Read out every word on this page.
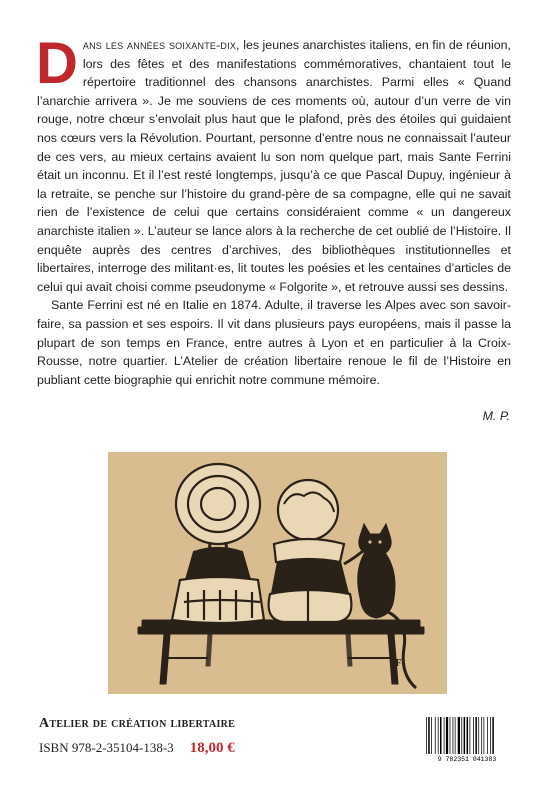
Dans les années soixante-dix, les jeunes anarchistes italiens, en fin de réunion, lors des fêtes et des manifestations commémoratives, chantaient tout le répertoire traditionnel des chansons anarchistes. Parmi elles « Quand l’anarchie arrivera ». Je me souviens de ces moments où, autour d’un verre de vin rouge, notre chœur s’envolait plus haut que le plafond, près des étoiles qui guidaient nos cœurs vers la Révolution. Pourtant, personne d’entre nous ne connaissait l’auteur de ces vers, au mieux certains avaient lu son nom quelque part, mais Sante Ferrini était un inconnu. Et il l’est resté longtemps, jusqu’à ce que Pascal Dupuy, ingénieur à la retraite, se penche sur l’histoire du grand-père de sa compagne, elle qui ne savait rien de l’existence de celui que certains considéraient comme « un dangereux anarchiste italien ». L’auteur se lance alors à la recherche de cet oublié de l’Histoire. Il enquête auprès des centres d’archives, des bibliothèques institutionnelles et libertaires, interroge des militant·es, lit toutes les poésies et les centaines d’articles de celui qui avait choisi comme pseudonyme « Folgorite », et retrouve aussi ses dessins.

Sante Ferrini est né en Italie en 1874. Adulte, il traverse les Alpes avec son savoir-faire, sa passion et ses espoirs. Il vit dans plusieurs pays européens, mais il passe la plupart de son temps en France, entre autres à Lyon et en particulier à la Croix-Rousse, notre quartier. L’Atelier de création libertaire renoue le fil de l’Histoire en publiant cette biographie qui enrichit notre commune mémoire.

M. P.
SF
Atelier de création libertaire
ISBN 978-2-35104-138-3 18,00 €
9 782351 041383
